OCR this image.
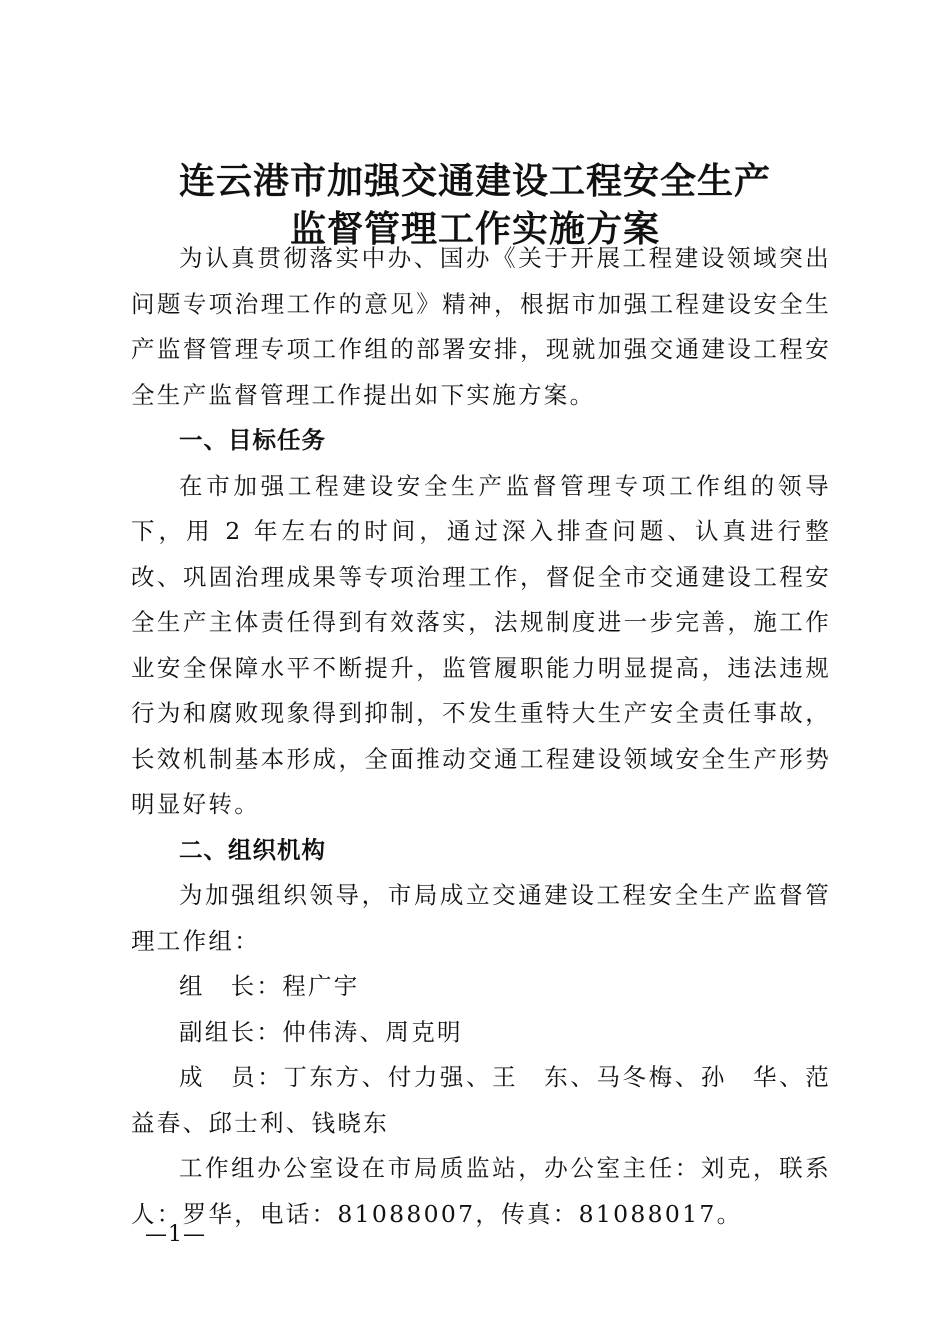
连云港市加强交通建设工程安全生产
监督管理工作实施方案

为认真贯彻落实中办、国办《关于开展工程建设领域突出问题专项治理工作的意见》精神，根据市加强工程建设安全生产监督管理专项工作组的部署安排，现就加强交通建设工程安全生产监督管理工作提出如下实施方案。

一、目标任务

在市加强工程建设安全生产监督管理专项工作组的领导下，用 2 年左右的时间，通过深入排查问题、认真进行整改、巩固治理成果等专项治理工作，督促全市交通建设工程安全生产主体责任得到有效落实，法规制度进一步完善，施工作业安全保障水平不断提升，监管履职能力明显提高，违法违规行为和腐败现象得到抑制，不发生重特大生产安全责任事故，长效机制基本形成，全面推动交通工程建设领域安全生产形势明显好转。

二、组织机构

为加强组织领导，市局成立交通建设工程安全生产监督管理工作组：

组　长：程广宇

副组长：仲伟涛、周克明

成　员：丁东方、付力强、王　东、马冬梅、孙　华、范益春、邱士利、钱晓东

工作组办公室设在市局质监站，办公室主任：刘克，联系人：罗华，电话：81088007，传真：81088017。

—1—
